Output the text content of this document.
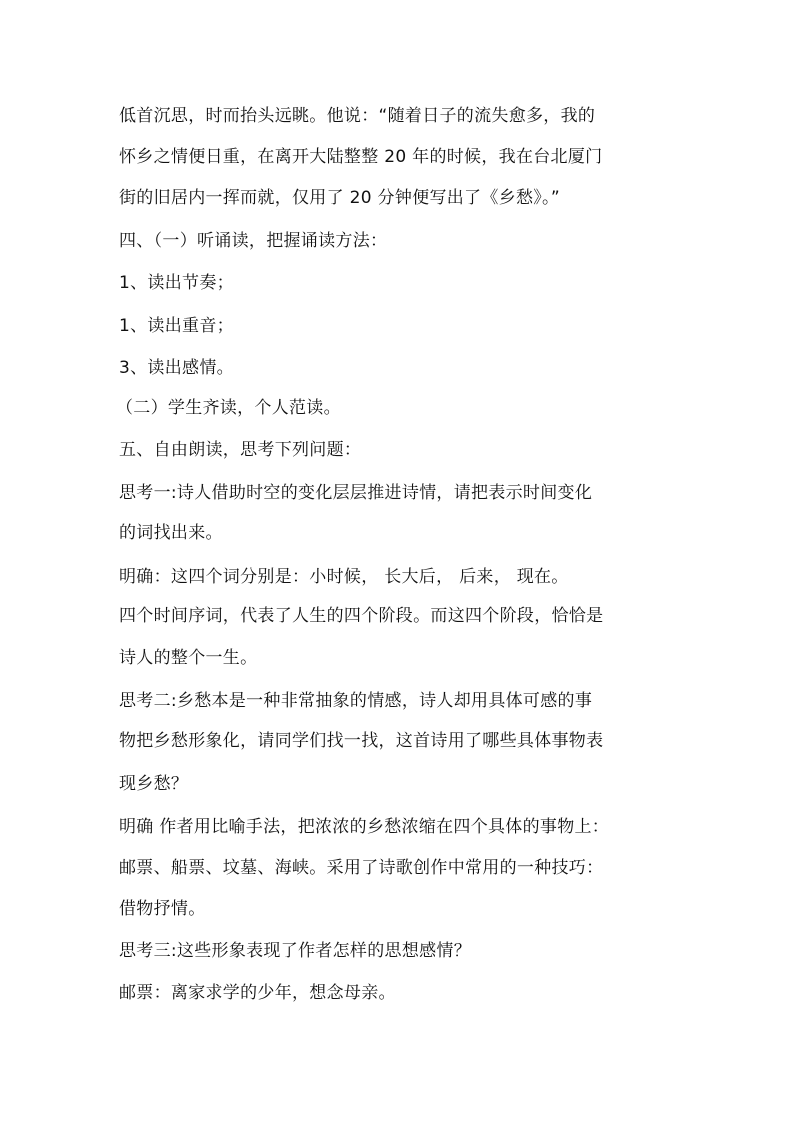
低首沉思，时而抬头远眺。他说：“随着日子的流失愈多，我的

怀乡之情便日重，在离开大陆整整 20 年的时候，我在台北厦门

街的旧居内一挥而就，仅用了 20 分钟便写出了《乡愁》。”

四、（一）听诵读，把握诵读方法：

1、读出节奏；

1、读出重音；

3、读出感情。

（二）学生齐读，个人范读。

五、自由朗读，思考下列问题：

思考一:诗人借助时空的变化层层推进诗情，请把表示时间变化

的词找出来。

明确：这四个词分别是：小时候， 长大后， 后来， 现在。

四个时间序词，代表了人生的四个阶段。而这四个阶段，恰恰是

诗人的整个一生。

思考二:乡愁本是一种非常抽象的情感，诗人却用具体可感的事

物把乡愁形象化，请同学们找一找，这首诗用了哪些具体事物表

现乡愁？

明确 作者用比喻手法，把浓浓的乡愁浓缩在四个具体的事物上：

邮票、船票、坟墓、海峡。采用了诗歌创作中常用的一种技巧：

借物抒情。

思考三:这些形象表现了作者怎样的思想感情？

邮票：离家求学的少年，想念母亲。
